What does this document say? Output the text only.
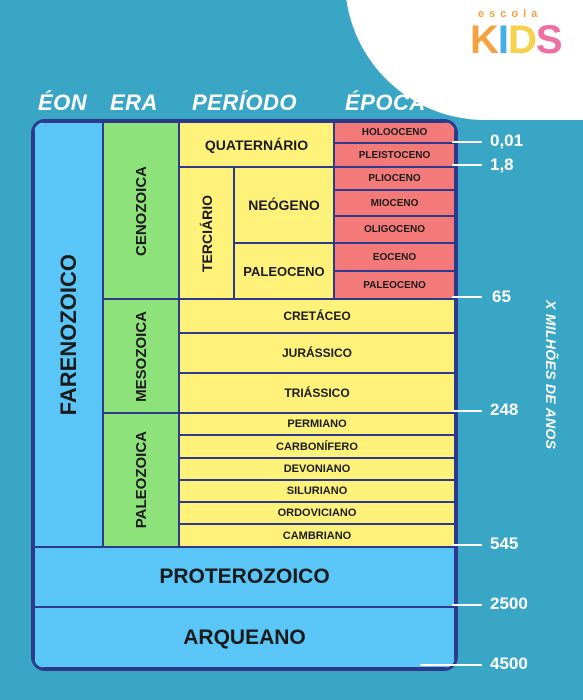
escola
KIDS
ÉON ERA PERÍODO ÉPOCA
FARENOZOICO
PROTEROZOICO
ARQUEANO
CENOZOICA
MESOZOICA
PALEOZOICA
QUATERNÁRIO
TERCIÁRIO	NEÓGENO
PALEOCENO
HOLOOCENO
PLEISTOCENO
PLIOCENO
MIOCENO
OLIGOCENO
EOCENO
PALEOCENO
CRETÁCEO
JURÁSSICO
TRIÁSSICO
PERMIANO
CARBONÍFERO
DEVONIANO
SILURIANO
ORDOVICIANO
CAMBRIANO
0,01
1,8
65
248
545
2500
4500
X MILHÕES DE ANOS
